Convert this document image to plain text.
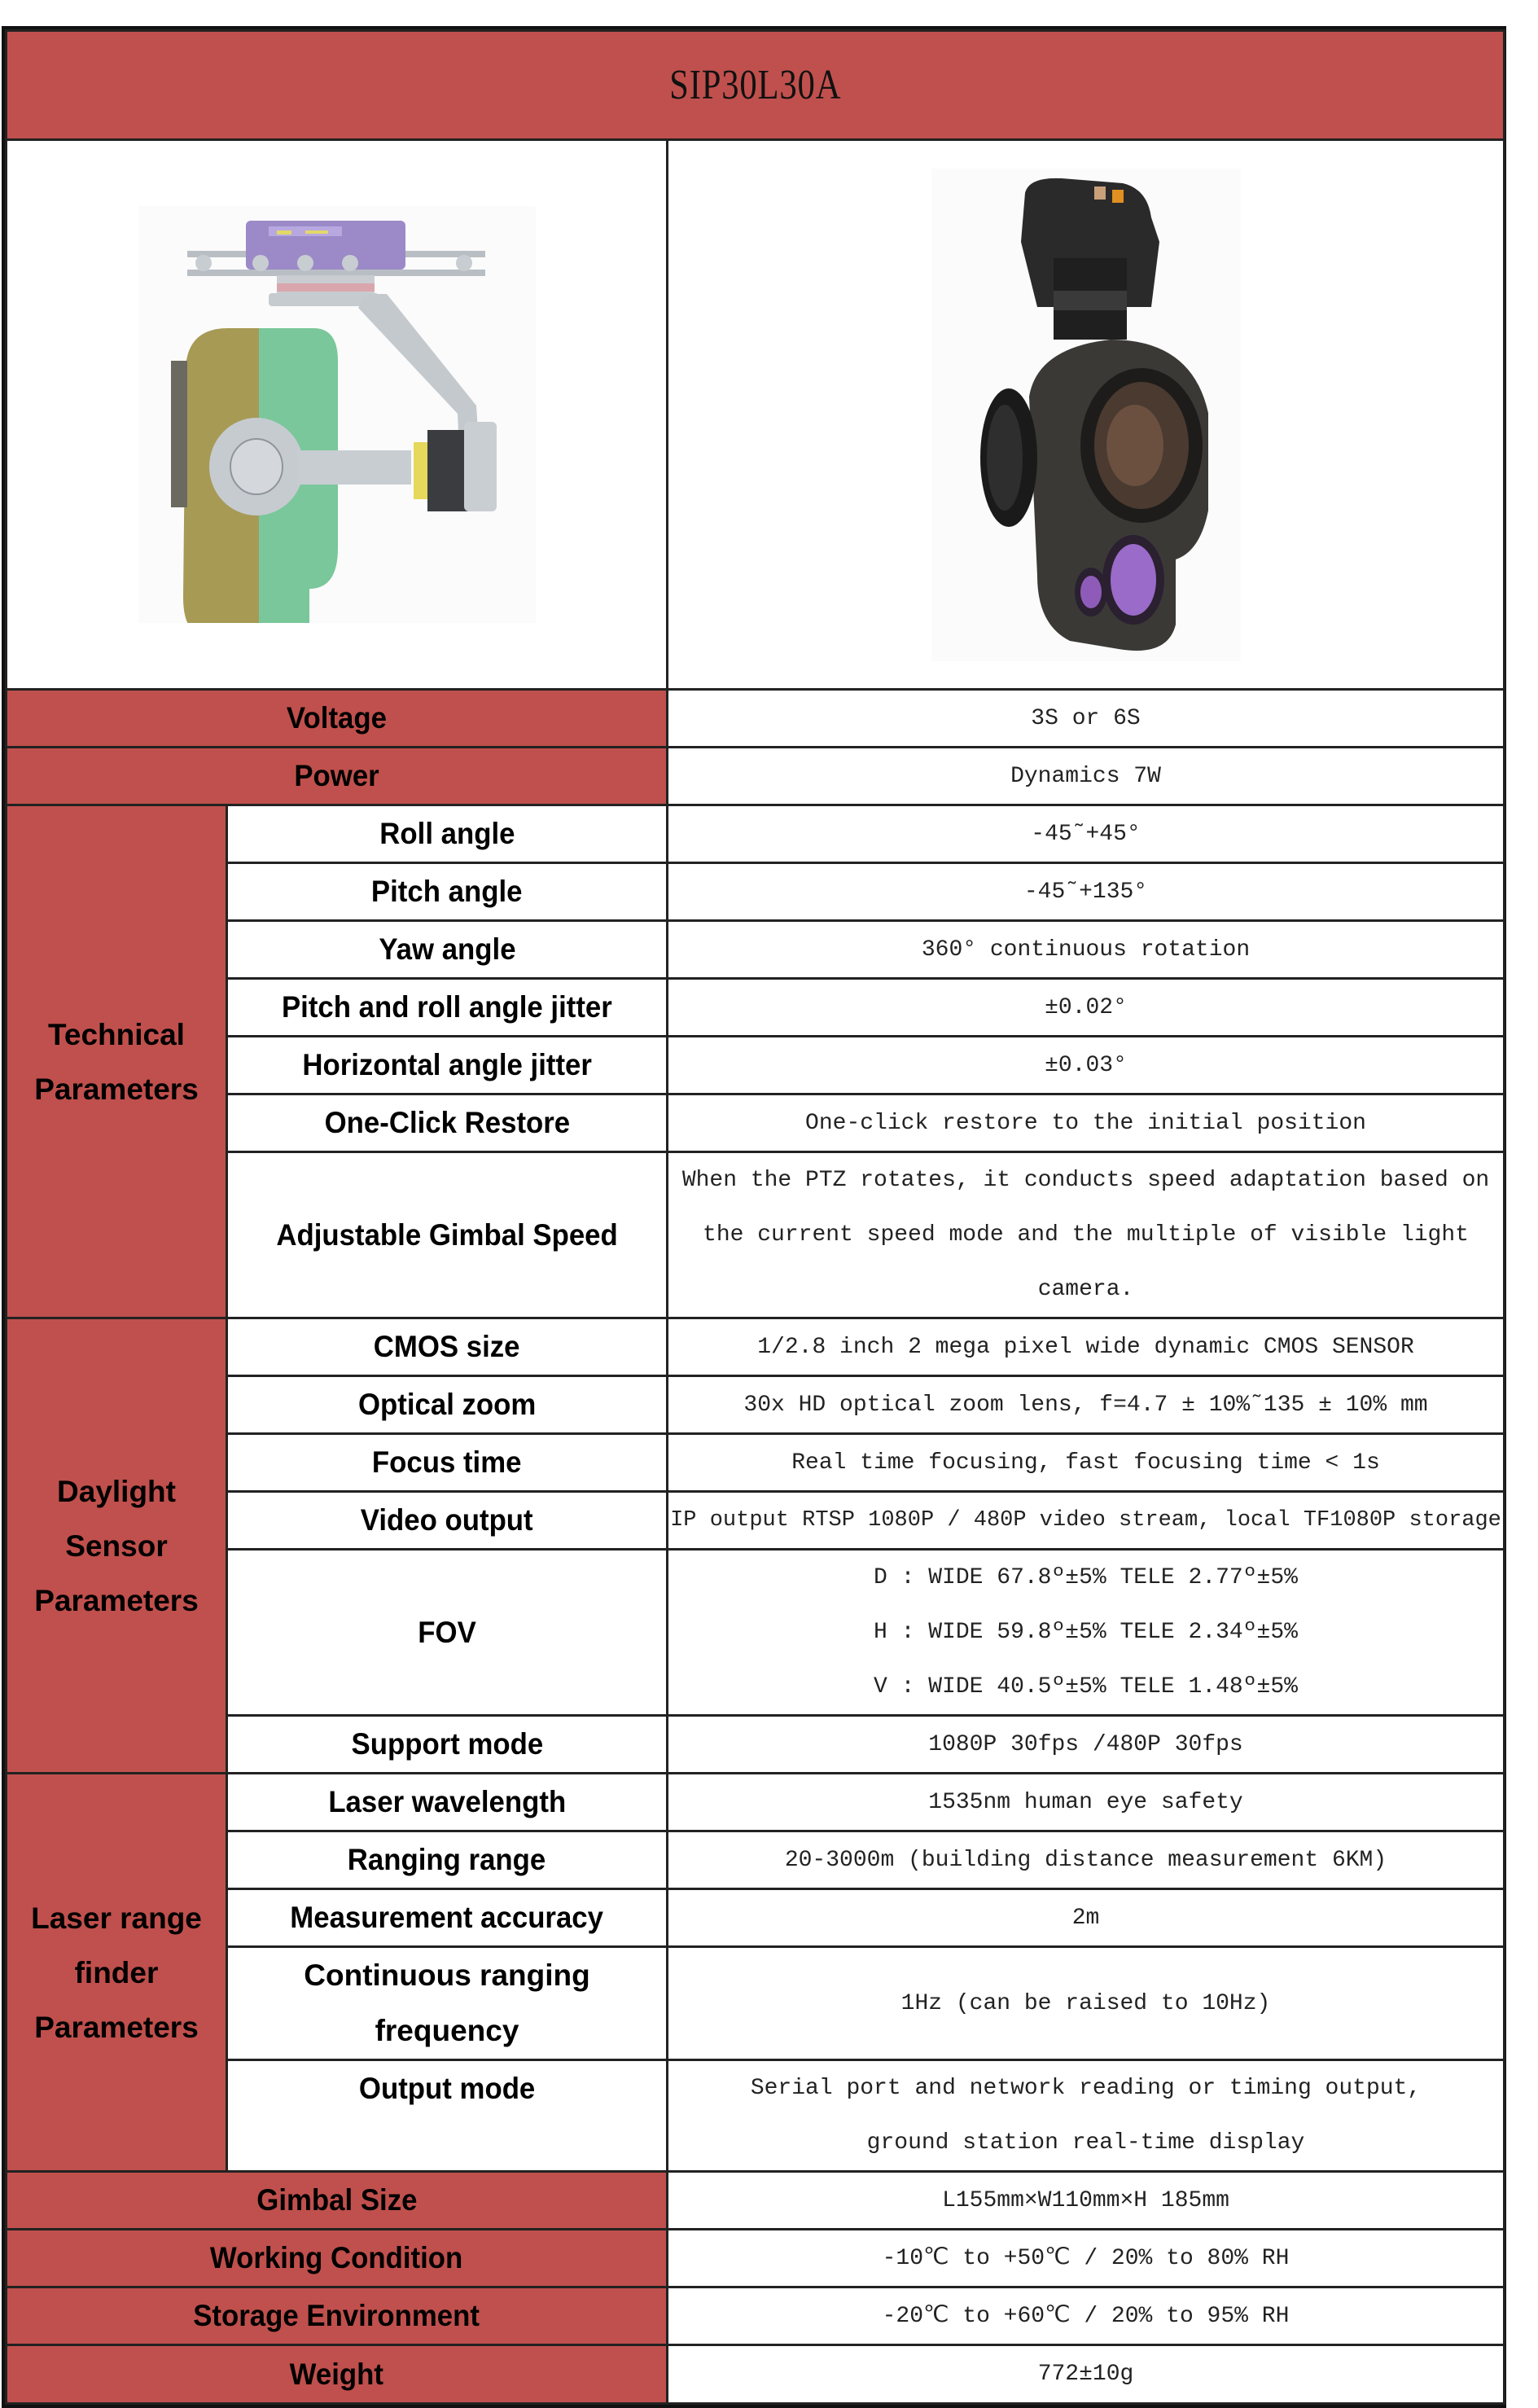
SIP30L30A		

Voltage		3S or 6S
Power		Dynamics 7W

Technical
Parameters	Roll angle	-45˜+45°
	Pitch angle	-45˜+135°
	Yaw angle	360° continuous rotation
	Pitch and roll angle jitter	±0.02°
	Horizontal angle jitter	±0.03°
	One-Click Restore	One-click restore to the initial position
	Adjustable Gimbal Speed	When the PTZ rotates, it conducts speed adaptation based on
the current speed mode and the multiple of visible light
camera.

Daylight
Sensor
Parameters	CMOS size	1/2.8 inch 2 mega pixel wide dynamic CMOS SENSOR
	Optical zoom	30x HD optical zoom lens, f=4.7 ± 10%˜135 ± 10% mm
	Focus time	Real time focusing, fast focusing time < 1s
	Video output	IP output RTSP 1080P / 480P video stream, local TF1080P storage
	FOV	D : WIDE 67.8º±5% TELE 2.77º±5%
H : WIDE 59.8º±5% TELE 2.34º±5%
V : WIDE 40.5º±5% TELE 1.48º±5%

	Support mode	1080P 30fps /480P 30fps

Laser range
finder
Parameters	Laser wavelength	1535nm human eye safety
	Ranging range	20-3000m (building distance measurement 6KM)
	Measurement accuracy	2m

	Continuous ranging
frequency	1Hz (can be raised to 10Hz)
	Output mode	Serial port and network reading or timing output,
ground station real-time display

Gimbal Size		L155mm×W110mm×H 185mm
Working Condition		-10℃ to +50℃ / 20% to 80% RH
Storage Environment		-20℃ to +60℃ / 20% to 95% RH
Weight		772±10g
